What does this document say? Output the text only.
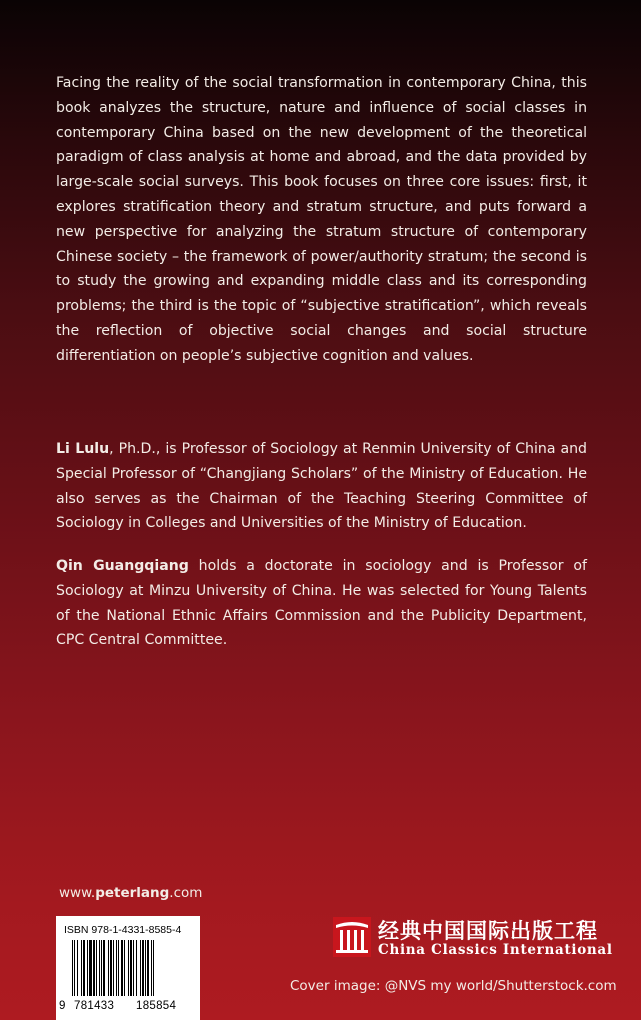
Facing the reality of the social transformation in contemporary China, this book analyzes the structure, nature and influence of social classes in contemporary China based on the new development of the theoretical paradigm of class analysis at home and abroad, and the data provided by large-scale social surveys. This book focuses on three core issues: first, it explores stratification theory and stratum structure, and puts forward a new perspective for analyzing the stratum structure of contemporary Chinese society – the framework of power/authority stratum; the second is to study the growing and expanding middle class and its corresponding problems; the third is the topic of “subjective stratification”, which reveals the reflection of objective social changes and social structure differentiation on people’s subjective cognition and values.

Li Lulu, Ph.D., is Professor of Sociology at Renmin University of China and Special Professor of “Changjiang Scholars” of the Ministry of Education. He also serves as the Chairman of the Teaching Steering Committee of Sociology in Colleges and Universities of the Ministry of Education.

Qin Guangqiang holds a doctorate in sociology and is Professor of Sociology at Minzu University of China. He was selected for Young Talents of the National Ethnic Affairs Commission and the Publicity Department, CPC Central Committee.

www.peterlang.com
ISBN 978-1-4331-8585-4
9 781433 185854
经典中国国际出版工程
China Classics International
Cover image: @NVS my world/Shutterstock.com
